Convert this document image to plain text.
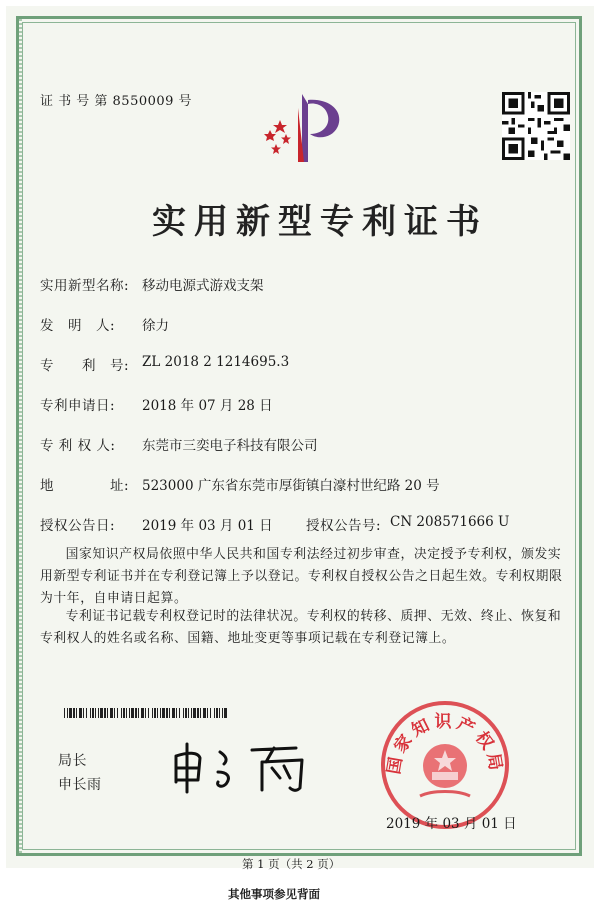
证 书 号 第 8550009 号
实用新型专利证书
实用新型名称: 移动电源式游戏支架
发　明　人: 徐力
专　　利　号: ZL 2018 2 1214695.3
专利申请日: 2018 年 07 月 28 日
专 利 权 人: 东莞市三奕电子科技有限公司
地　　　　址: 523000 广东省东莞市厚街镇白濠村世纪路 20 号
授权公告日: 2019 年 03 月 01 日 授权公告号: CN 208571666 U
国家知识产权局依照中华人民共和国专利法经过初步审查，决定授予专利权，颁发实用新型专利证书并在专利登记簿上予以登记。专利权自授权公告之日起生效。专利权期限为十年，自申请日起算。
专利证书记载专利权登记时的法律状况。专利权的转移、质押、无效、终止、恢复和专利权人的姓名或名称、国籍、地址变更等事项记载在专利登记簿上。
局长
申长雨
国家知识产权局
2019 年 03 月 01 日
第 1 页（共 2 页）
其他事项参见背面
